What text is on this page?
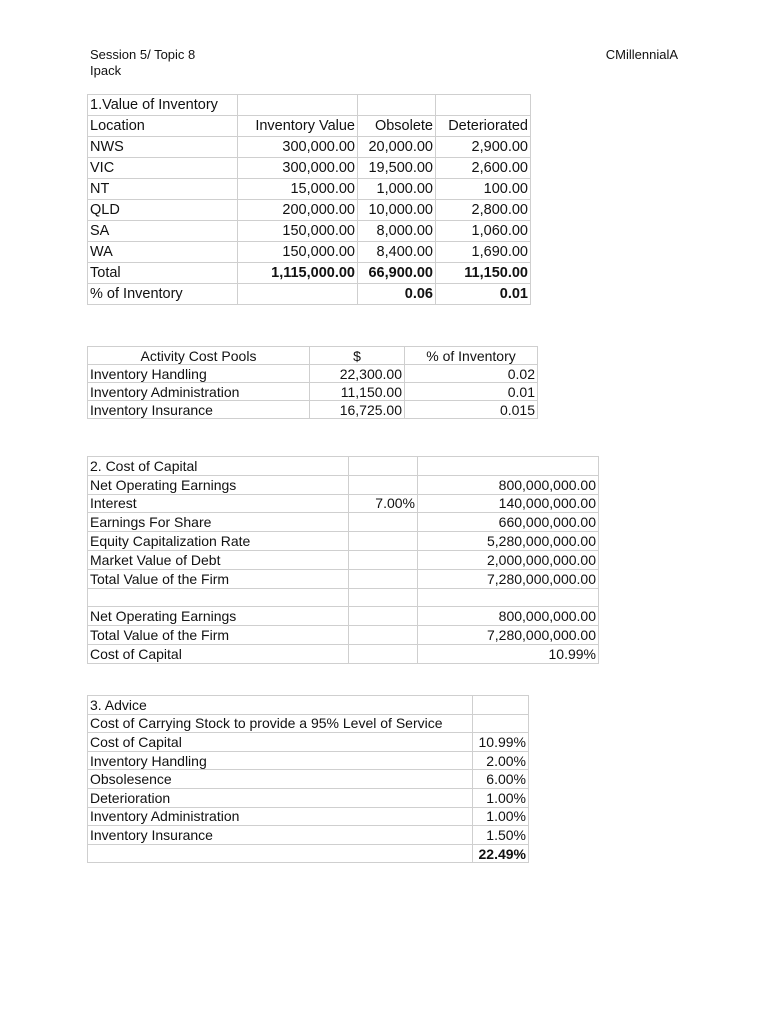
Session 5/ Topic 8
Ipack
CMillennialA
1.Value of Inventory			
Location	Inventory Value	Obsolete	Deteriorated
NWS	300,000.00	20,000.00	2,900.00
VIC	300,000.00	19,500.00	2,600.00
NT	15,000.00	1,000.00	100.00
QLD	200,000.00	10,000.00	2,800.00
SA	150,000.00	8,000.00	1,060.00
WA	150,000.00	8,400.00	1,690.00
Total	1,115,000.00	66,900.00	11,150.00
% of Inventory		0.06	0.01
Activity Cost Pools	$	% of Inventory
Inventory Handling	22,300.00	0.02
Inventory Administration	11,150.00	0.01
Inventory Insurance	16,725.00	0.015
2. Cost of Capital		
Net Operating Earnings		800,000,000.00
Interest	7.00%	140,000,000.00
Earnings For Share		660,000,000.00
Equity Capitalization Rate		5,280,000,000.00
Market Value of Debt		2,000,000,000.00
Total Value of the Firm		7,280,000,000.00

Net Operating Earnings		800,000,000.00
Total Value of the Firm		7,280,000,000.00
Cost of Capital		10.99%
3. Advice	
Cost of Carrying Stock to provide a 95% Level of Service	
Cost of Capital	10.99%
Inventory Handling	2.00%
Obsolesence	6.00%
Deterioration	1.00%
Inventory Administration	1.00%
Inventory Insurance	1.50%
	22.49%
